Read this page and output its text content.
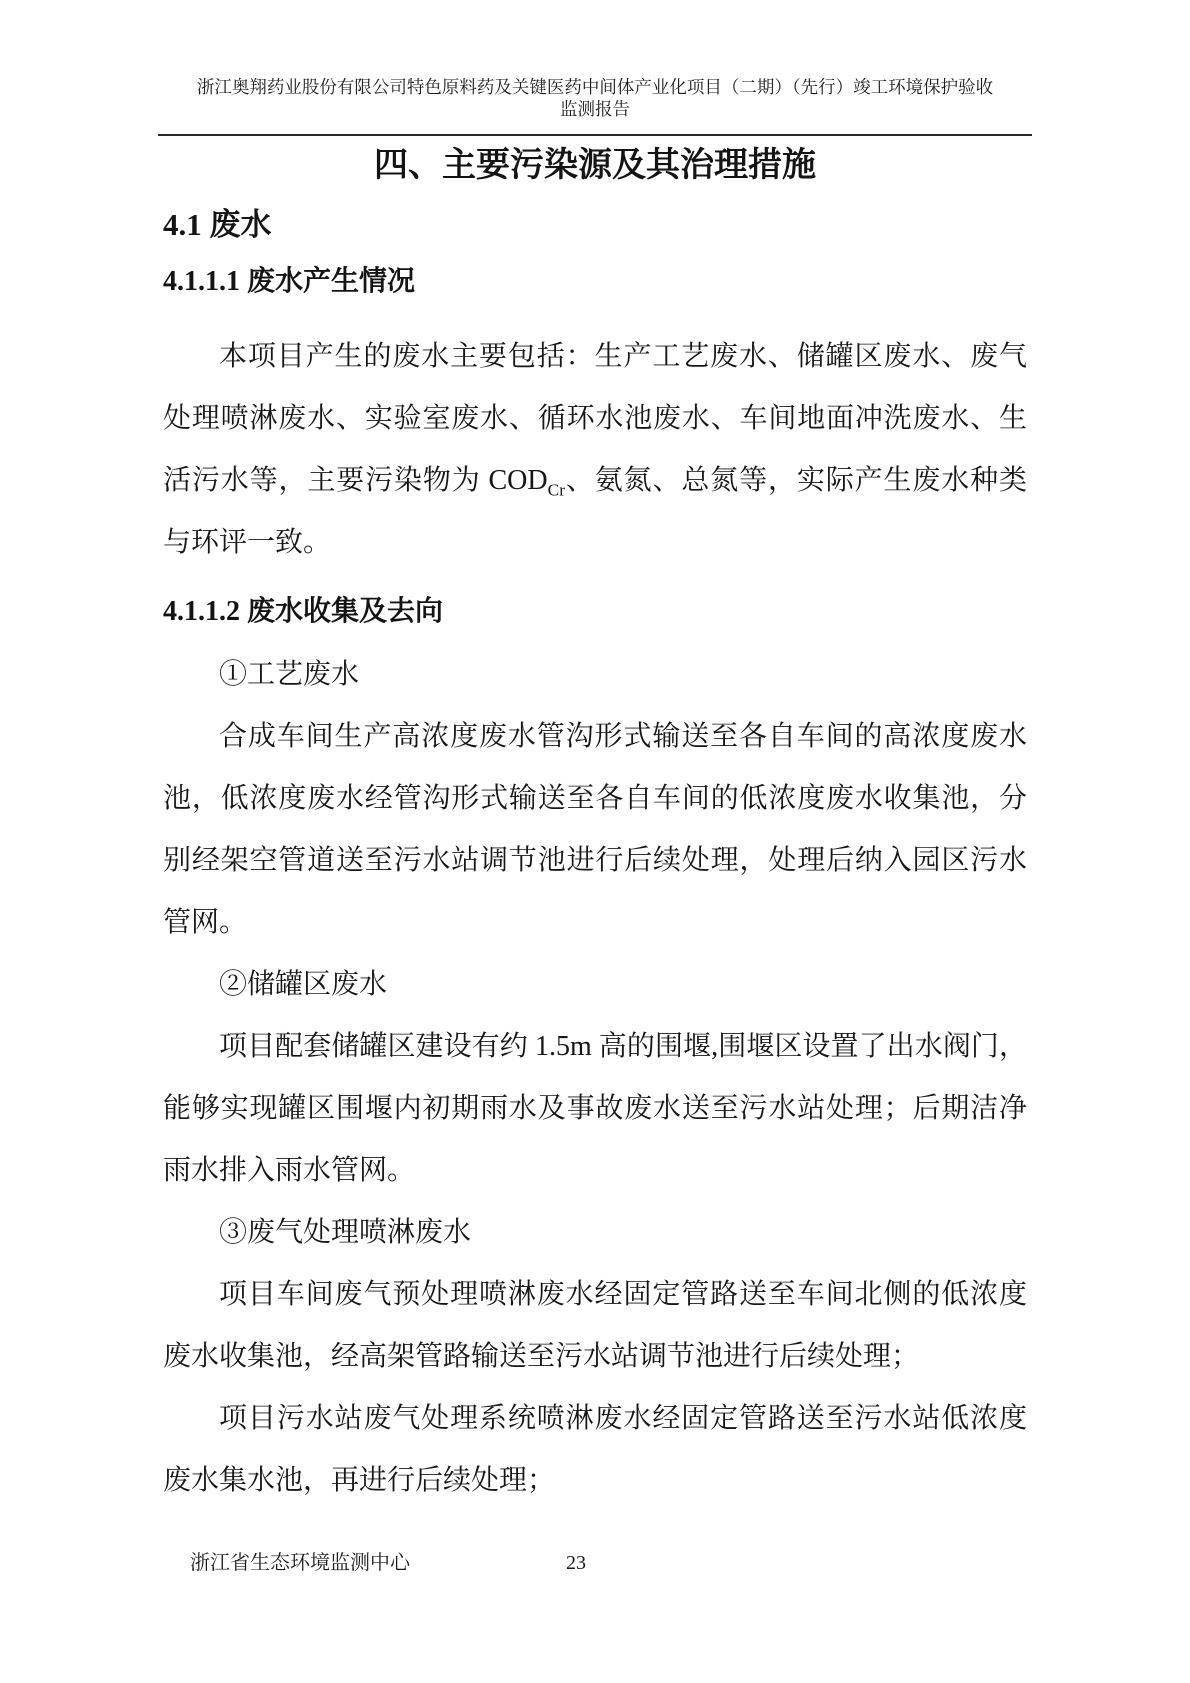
浙江奥翔药业股份有限公司特色原料药及关键医药中间体产业化项目（二期）（先行）竣工环境保护验收
监测报告
四、主要污染源及其治理措施
4.1 废水
4.1.1.1 废水产生情况
本项目产生的废水主要包括：生产工艺废水、储罐区废水、废气处理喷淋废水、实验室废水、循环水池废水、车间地面冲洗废水、生活污水等，主要污染物为 $COD_{Cr}$、氨氮、总氮等，实际产生废水种类与环评一致。
4.1.1.2 废水收集及去向
①工艺废水
合成车间生产高浓度废水管沟形式输送至各自车间的高浓度废水池，低浓度废水经管沟形式输送至各自车间的低浓度废水收集池，分别经架空管道送至污水站调节池进行后续处理，处理后纳入园区污水管网。
②储罐区废水
项目配套储罐区建设有约 1.5m 高的围堰,围堰区设置了出水阀门，能够实现罐区围堰内初期雨水及事故废水送至污水站处理；后期洁净雨水排入雨水管网。
③废气处理喷淋废水
项目车间废气预处理喷淋废水经固定管路送至车间北侧的低浓度废水收集池，经高架管路输送至污水站调节池进行后续处理；
项目污水站废气处理系统喷淋废水经固定管路送至污水站低浓度废水集水池，再进行后续处理；
浙江省生态环境监测中心	23
